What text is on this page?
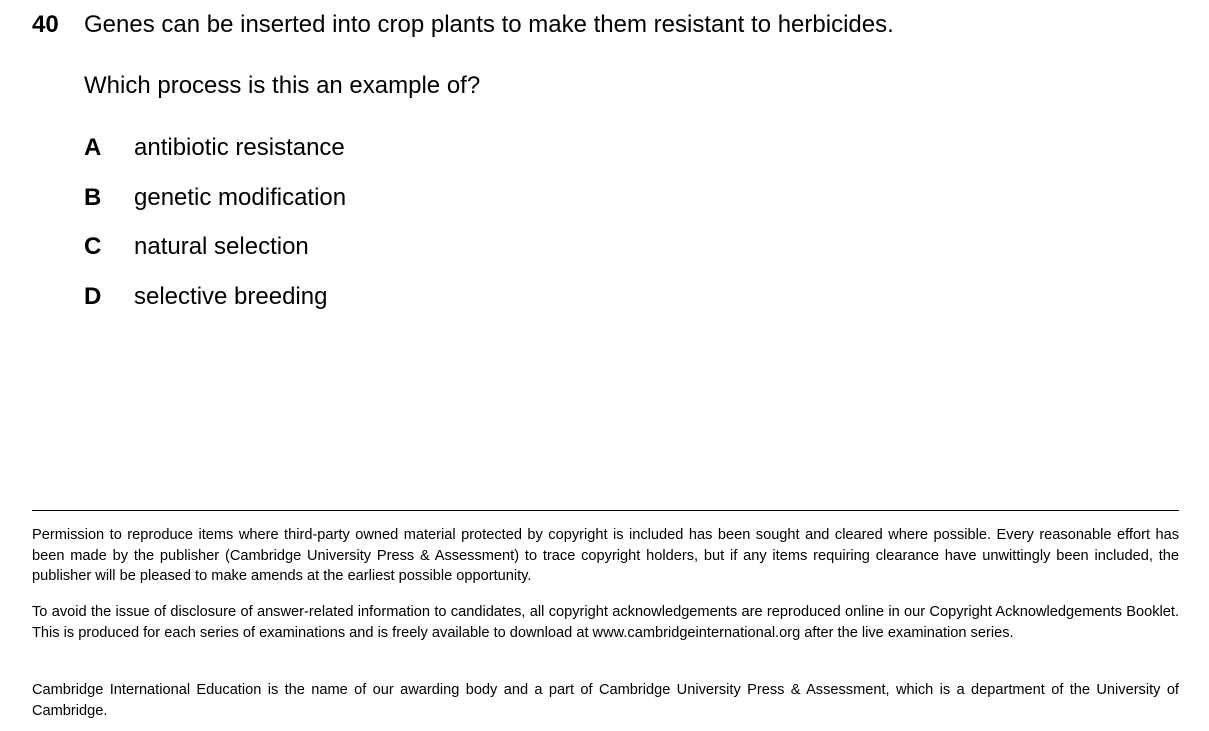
40 Genes can be inserted into crop plants to make them resistant to herbicides.
Which process is this an example of?
A	antibiotic resistance
B	genetic modification
C	natural selection
D	selective breeding

Permission to reproduce items where third-party owned material protected by copyright is included has been sought and cleared where possible. Every reasonable effort has been made by the publisher (Cambridge University Press & Assessment) to trace copyright holders, but if any items requiring clearance have unwittingly been included, the publisher will be pleased to make amends at the earliest possible opportunity.

To avoid the issue of disclosure of answer-related information to candidates, all copyright acknowledgements are reproduced online in our Copyright Acknowledgements Booklet. This is produced for each series of examinations and is freely available to download at www.cambridgeinternational.org after the live examination series.

Cambridge International Education is the name of our awarding body and a part of Cambridge University Press & Assessment, which is a department of the University of Cambridge.
